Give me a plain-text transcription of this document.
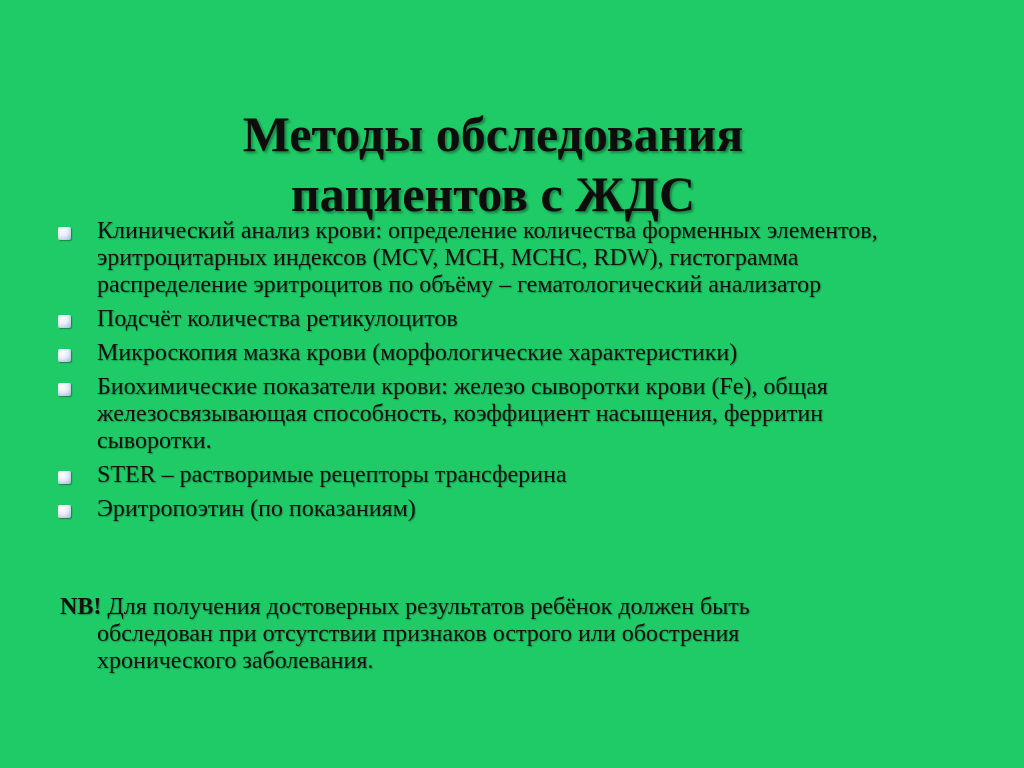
Методы обследования
пациентов с ЖДС
Клинический анализ крови: определение количества форменных элементов, эритроцитарных индексов (MCV, MCH, MCHC, RDW), гистограмма распределение эритроцитов по объёму – гематологический анализатор
Подсчёт количества ретикулоцитов
Микроскопия мазка крови (морфологические характеристики)
Биохимические показатели крови: железо сыворотки крови (Fe), общая железосвязывающая способность, коэффициент насыщения, ферритин сыворотки.
STER – растворимые рецепторы трансферина
Эритропоэтин (по показаниям)
NB! Для получения достоверных результатов ребёнок должен быть
обследован при отсутствии признаков острого или обострения
хронического заболевания.
